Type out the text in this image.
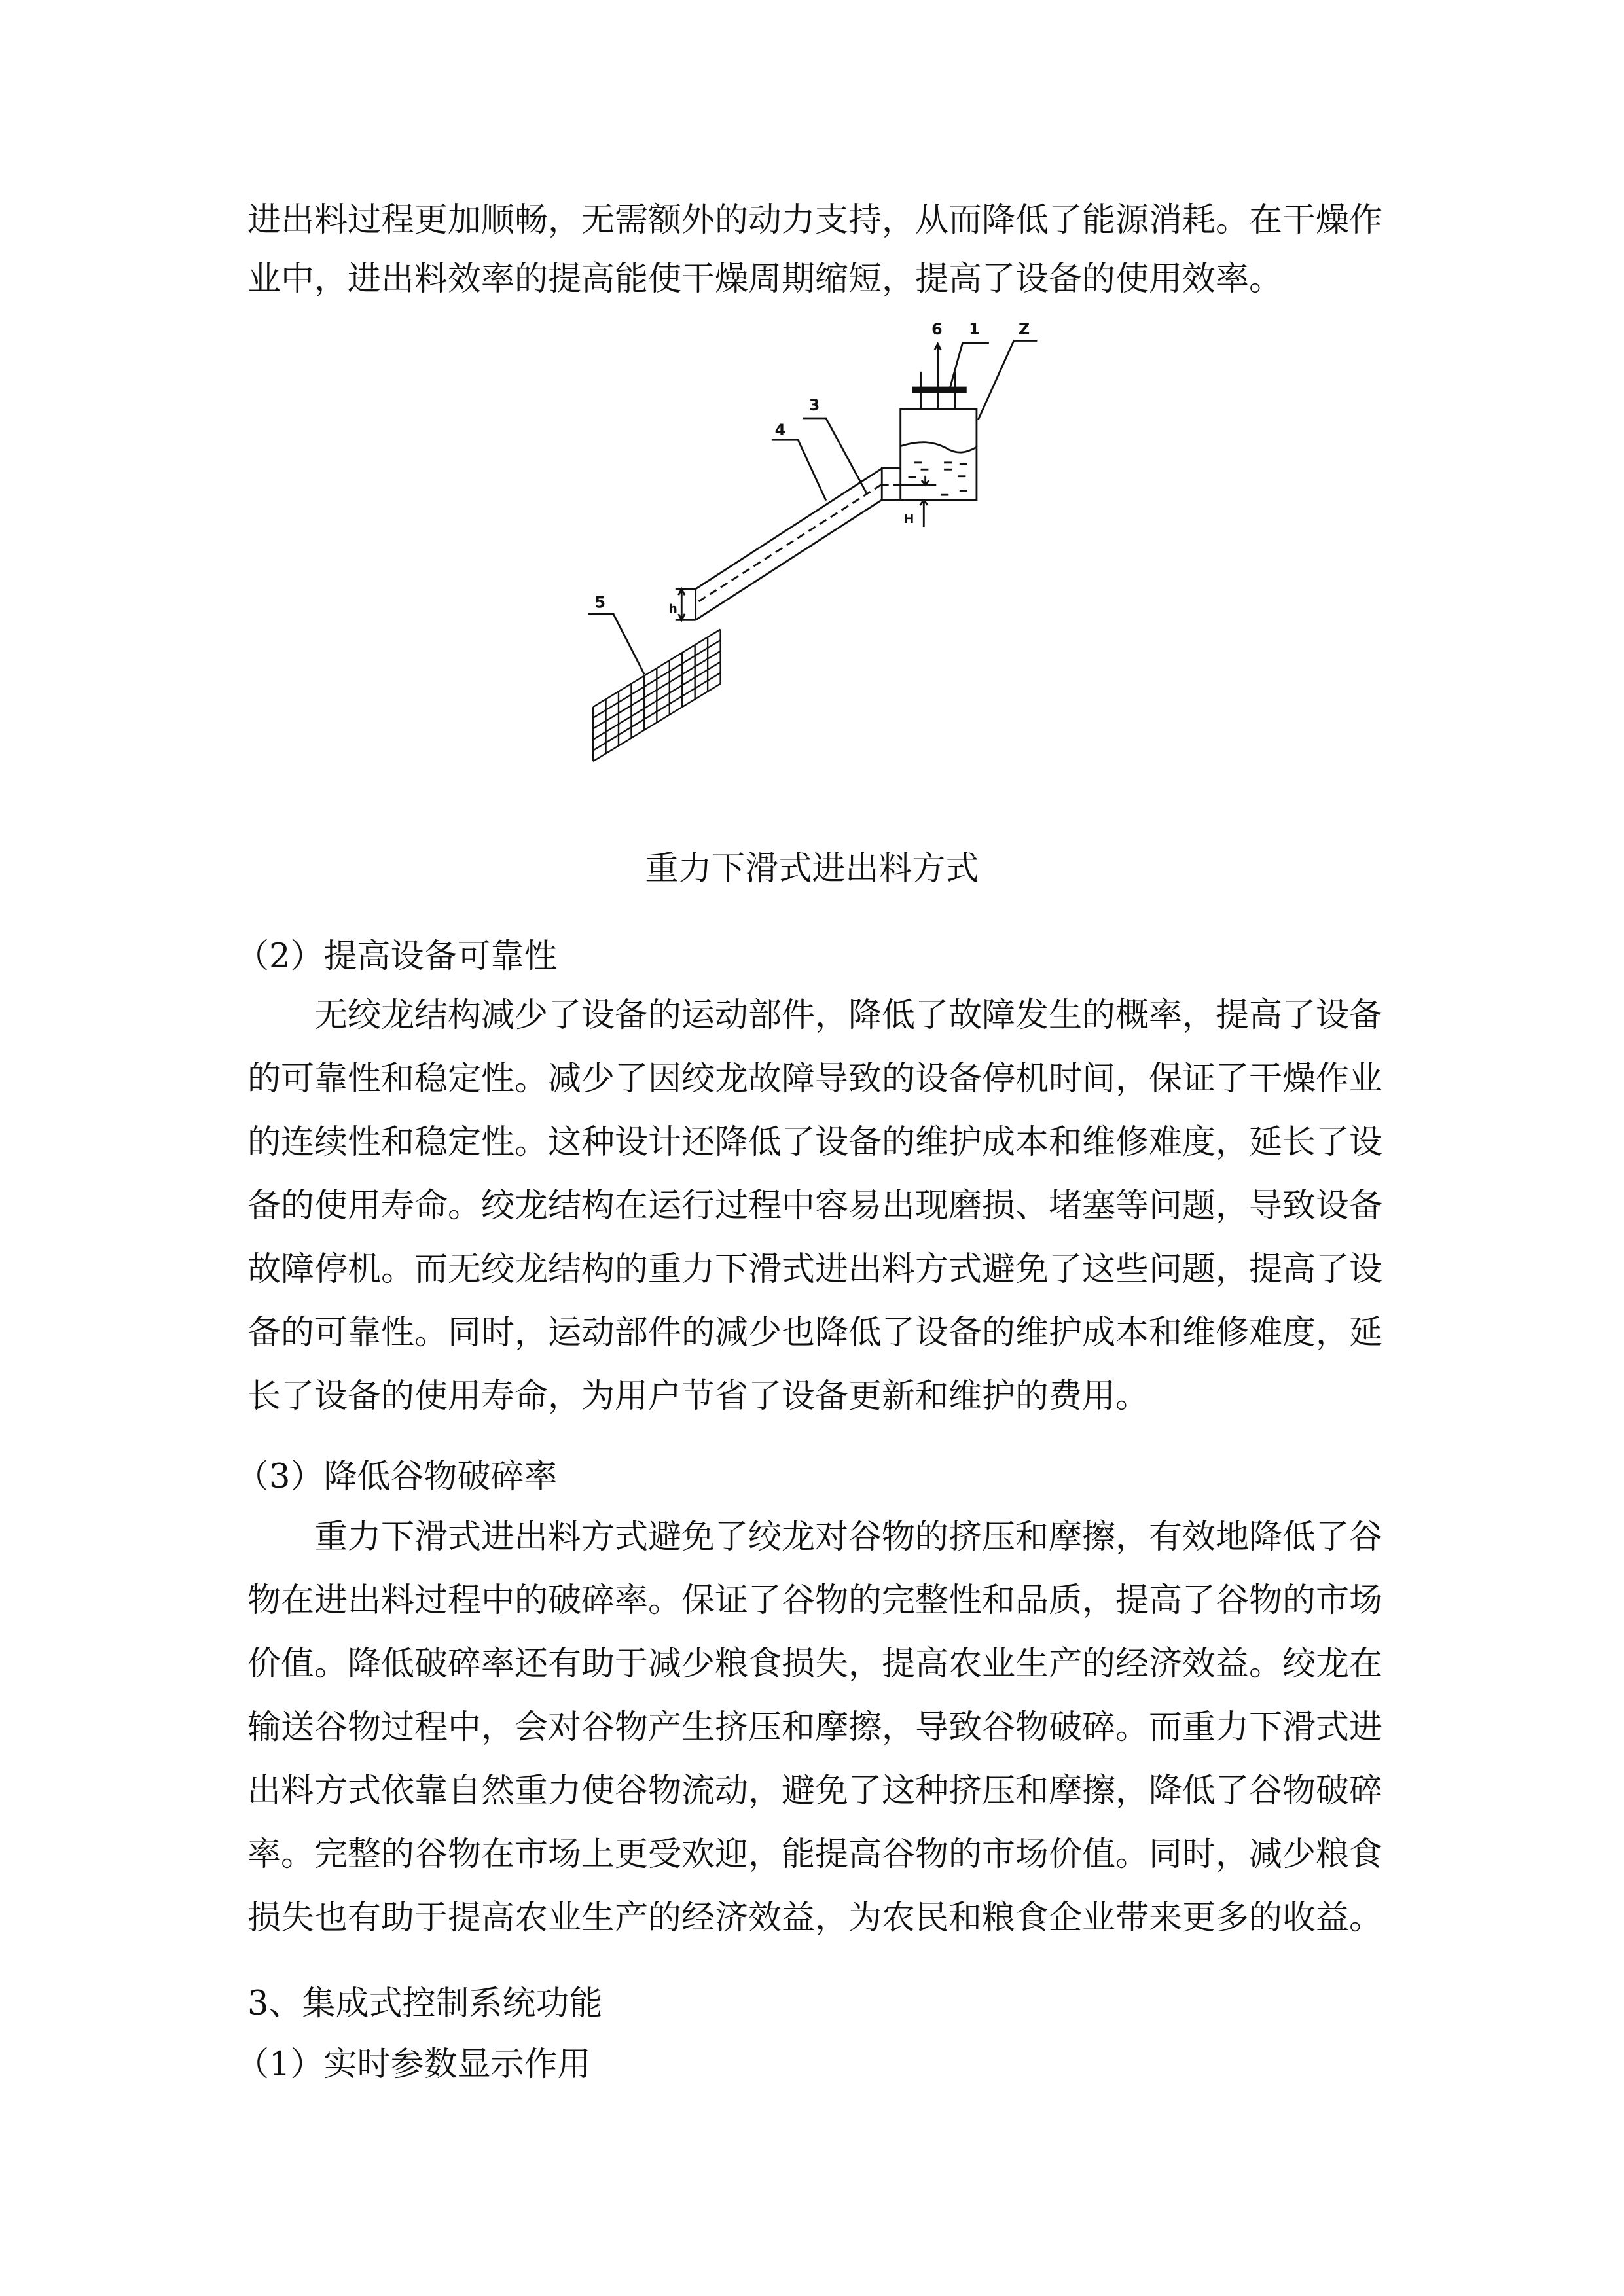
进出料过程更加顺畅，无需额外的动力支持，从而降低了能源消耗。在干燥作
业中，进出料效率的提高能使干燥周期缩短，提高了设备的使用效率。
6 1 Z
3
4
5
H
h
重力下滑式进出料方式
（2）提高设备可靠性
无绞龙结构减少了设备的运动部件，降低了故障发生的概率，提高了设备
的可靠性和稳定性。减少了因绞龙故障导致的设备停机时间，保证了干燥作业
的连续性和稳定性。这种设计还降低了设备的维护成本和维修难度，延长了设
备的使用寿命。绞龙结构在运行过程中容易出现磨损、堵塞等问题，导致设备
故障停机。而无绞龙结构的重力下滑式进出料方式避免了这些问题，提高了设
备的可靠性。同时，运动部件的减少也降低了设备的维护成本和维修难度，延
长了设备的使用寿命，为用户节省了设备更新和维护的费用。
（3）降低谷物破碎率
重力下滑式进出料方式避免了绞龙对谷物的挤压和摩擦，有效地降低了谷
物在进出料过程中的破碎率。保证了谷物的完整性和品质，提高了谷物的市场
价值。降低破碎率还有助于减少粮食损失，提高农业生产的经济效益。绞龙在
输送谷物过程中，会对谷物产生挤压和摩擦，导致谷物破碎。而重力下滑式进
出料方式依靠自然重力使谷物流动，避免了这种挤压和摩擦，降低了谷物破碎
率。完整的谷物在市场上更受欢迎，能提高谷物的市场价值。同时，减少粮食
损失也有助于提高农业生产的经济效益，为农民和粮食企业带来更多的收益。
3、集成式控制系统功能
（1）实时参数显示作用
